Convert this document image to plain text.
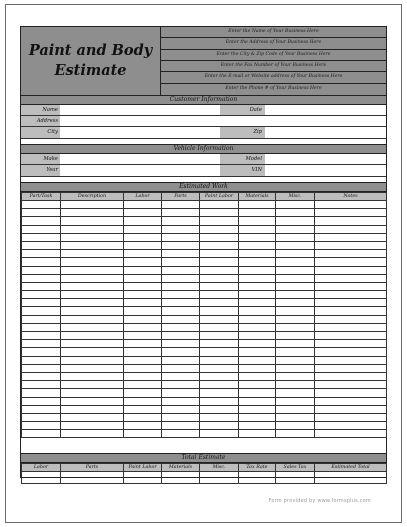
Paint and Body
Estimate
Enter the Name of Your Business Here
Enter the Address of Your Business Here
Enter the City & Zip Code of Your Business Here
Enter the Fax Number of Your Business Here
Enter the E-mail or Website address of Your Business Here
Enter the Phone # of Your Business Here
Customer Information
Name	Date
Address
City	Zip
Vehicle Information
Make	Model
Year	VIN
Estimated Work
Part/Task	Description	Labor	Parts	Paint Labor	Materials	Misc.	Notes

Total Estimate
Labor	Parts	Paint Labor	Materials	Misc.	Tax Rate	Sales Tax	Estimated Total

Form provided by www.formsplus.com
